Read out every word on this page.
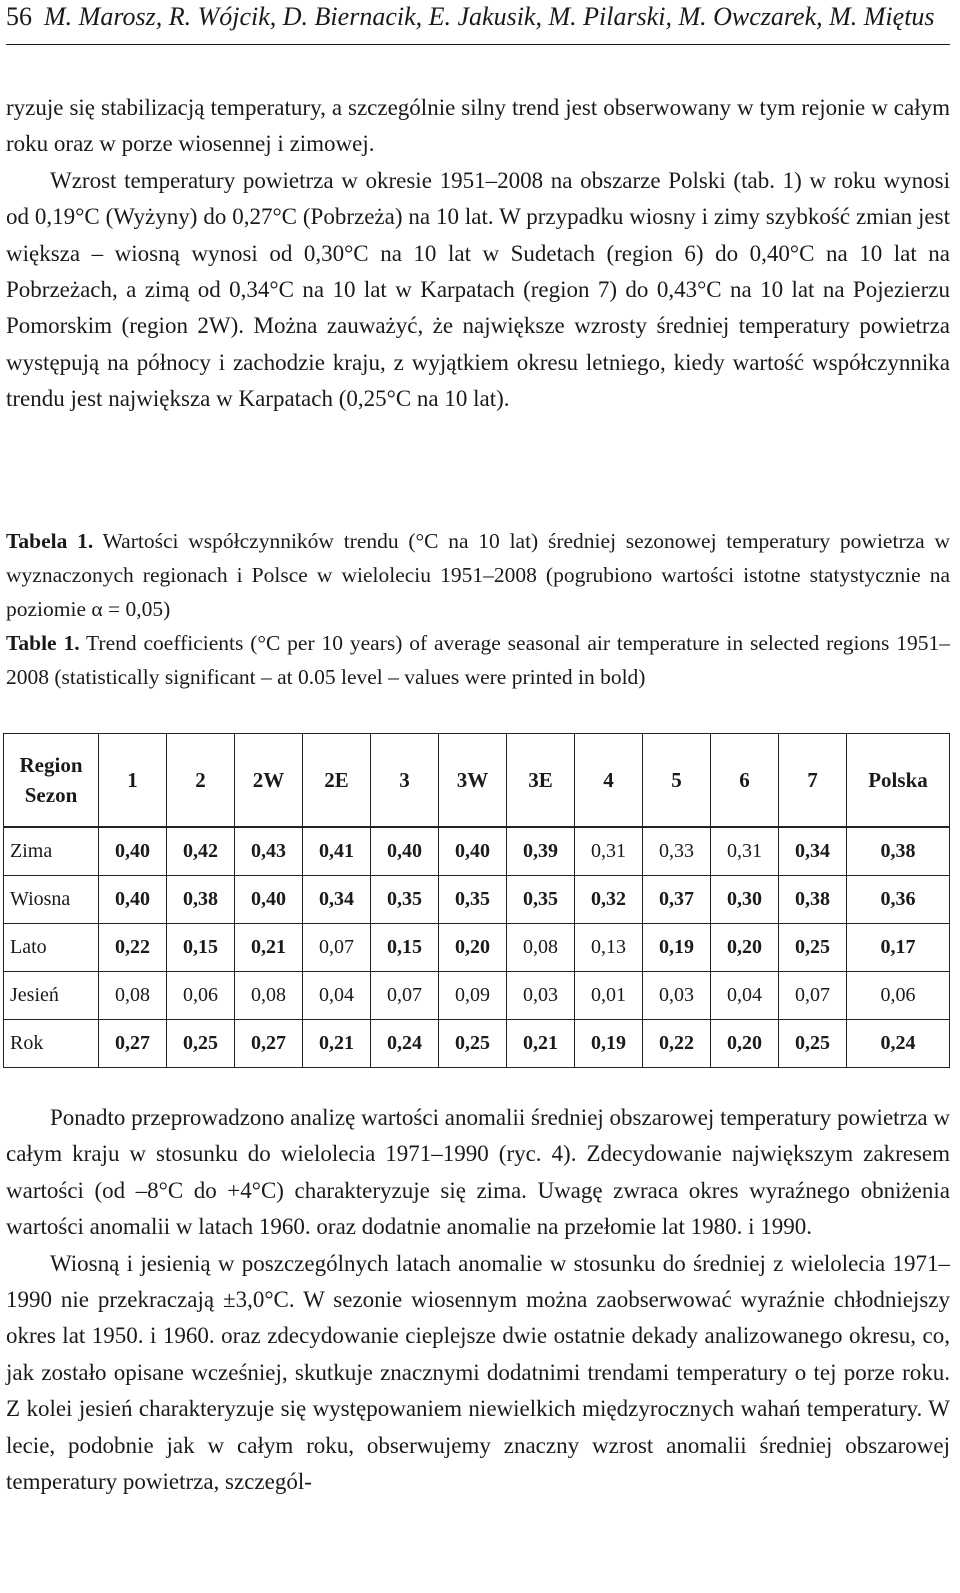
56 M. Marosz, R. Wójcik, D. Biernacik, E. Jakusik, M. Pilarski, M. Owczarek, M. Miętus

ryzuje się stabilizacją temperatury, a szczególnie silny trend jest obserwowany w tym rejonie w całym roku oraz w porze wiosennej i zimowej.

Wzrost temperatury powietrza w okresie 1951–2008 na obszarze Polski (tab. 1) w roku wynosi od 0,19°C (Wyżyny) do 0,27°C (Pobrzeża) na 10 lat. W przypadku wiosny i zimy szybkość zmian jest większa – wiosną wynosi od 0,30°C na 10 lat w Sudetach (region 6) do 0,40°C na 10 lat na Pobrzeżach, a zimą od 0,34°C na 10 lat w Karpatach (region 7) do 0,43°C na 10 lat na Pojezierzu Pomorskim (region 2W). Można zauważyć, że największe wzrosty średniej temperatury powietrza występują na północy i zachodzie kraju, z wyjątkiem okresu letniego, kiedy wartość współczynnika trendu jest największa w Karpatach (0,25°C na 10 lat).

Tabela 1. Wartości współczynników trendu (°C na 10 lat) średniej sezonowej temperatury powietrza w wyznaczonych regionach i Polsce w wieloleciu 1951–2008 (pogrubiono wartości istotne statystycznie na poziomie α = 0,05)

Table 1. Trend coefficients (°C per 10 years) of average seasonal air temperature in selected regions 1951–2008 (statistically significant – at 0.05 level – values were printed in bold)

Region
Sezon	1	2	2W	2E	3	3W	3E	4	5	6	7	Polska
Zima	0,40	0,42	0,43	0,41	0,40	0,40	0,39	0,31	0,33	0,31	0,34	0,38
Wiosna	0,40	0,38	0,40	0,34	0,35	0,35	0,35	0,32	0,37	0,30	0,38	0,36
Lato	0,22	0,15	0,21	0,07	0,15	0,20	0,08	0,13	0,19	0,20	0,25	0,17
Jesień	0,08	0,06	0,08	0,04	0,07	0,09	0,03	0,01	0,03	0,04	0,07	0,06
Rok	0,27	0,25	0,27	0,21	0,24	0,25	0,21	0,19	0,22	0,20	0,25	0,24

Ponadto przeprowadzono analizę wartości anomalii średniej obszarowej temperatury powietrza w całym kraju w stosunku do wielolecia 1971–1990 (ryc. 4). Zdecydowanie największym zakresem wartości (od –8°C do +4°C) charakteryzuje się zima. Uwagę zwraca okres wyraźnego obniżenia wartości anomalii w latach 1960. oraz dodatnie anomalie na przełomie lat 1980. i 1990.

Wiosną i jesienią w poszczególnych latach anomalie w stosunku do średniej z wielolecia 1971–1990 nie przekraczają ±3,0°C. W sezonie wiosennym można zaobserwować wyraźnie chłodniejszy okres lat 1950. i 1960. oraz zdecydowanie cieplejsze dwie ostatnie dekady analizowanego okresu, co, jak zostało opisane wcześniej, skutkuje znacznymi dodatnimi trendami temperatury o tej porze roku. Z kolei jesień charakteryzuje się występowaniem niewielkich międzyrocznych wahań temperatury. W lecie, podobnie jak w całym roku, obserwujemy znaczny wzrost anomalii średniej obszarowej temperatury powietrza, szczegól-
